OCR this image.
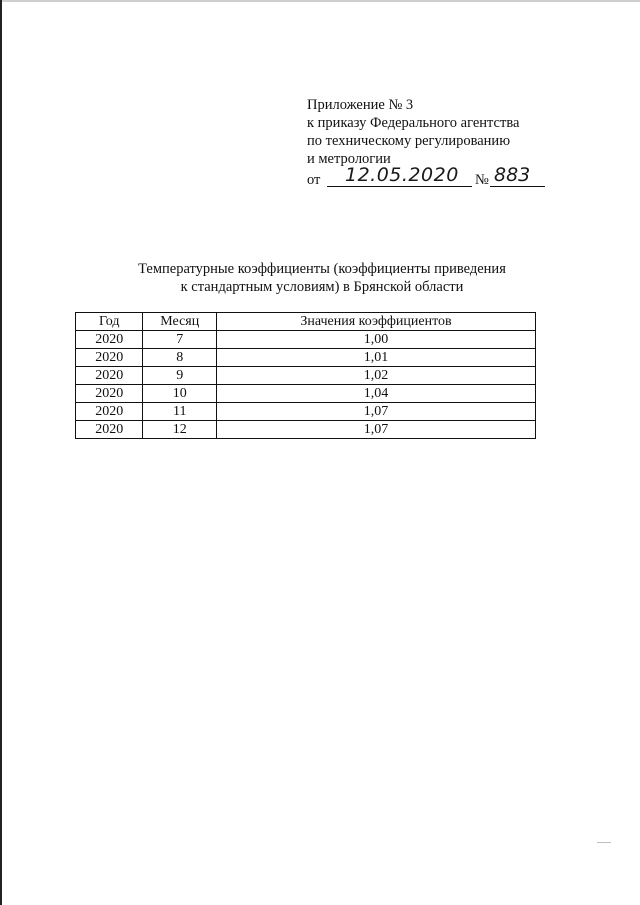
Приложение № 3
к приказу Федерального агентства
по техническому регулированию
и метрологии
от 12.05.2020 № 883
Температурные коэффициенты (коэффициенты приведения
к стандартным условиям) в Брянской области
Год	Месяц	Значения коэффициентов
2020	7	1,00
2020	8	1,01
2020	9	1,02
2020	10	1,04
2020	11	1,07
2020	12	1,07
